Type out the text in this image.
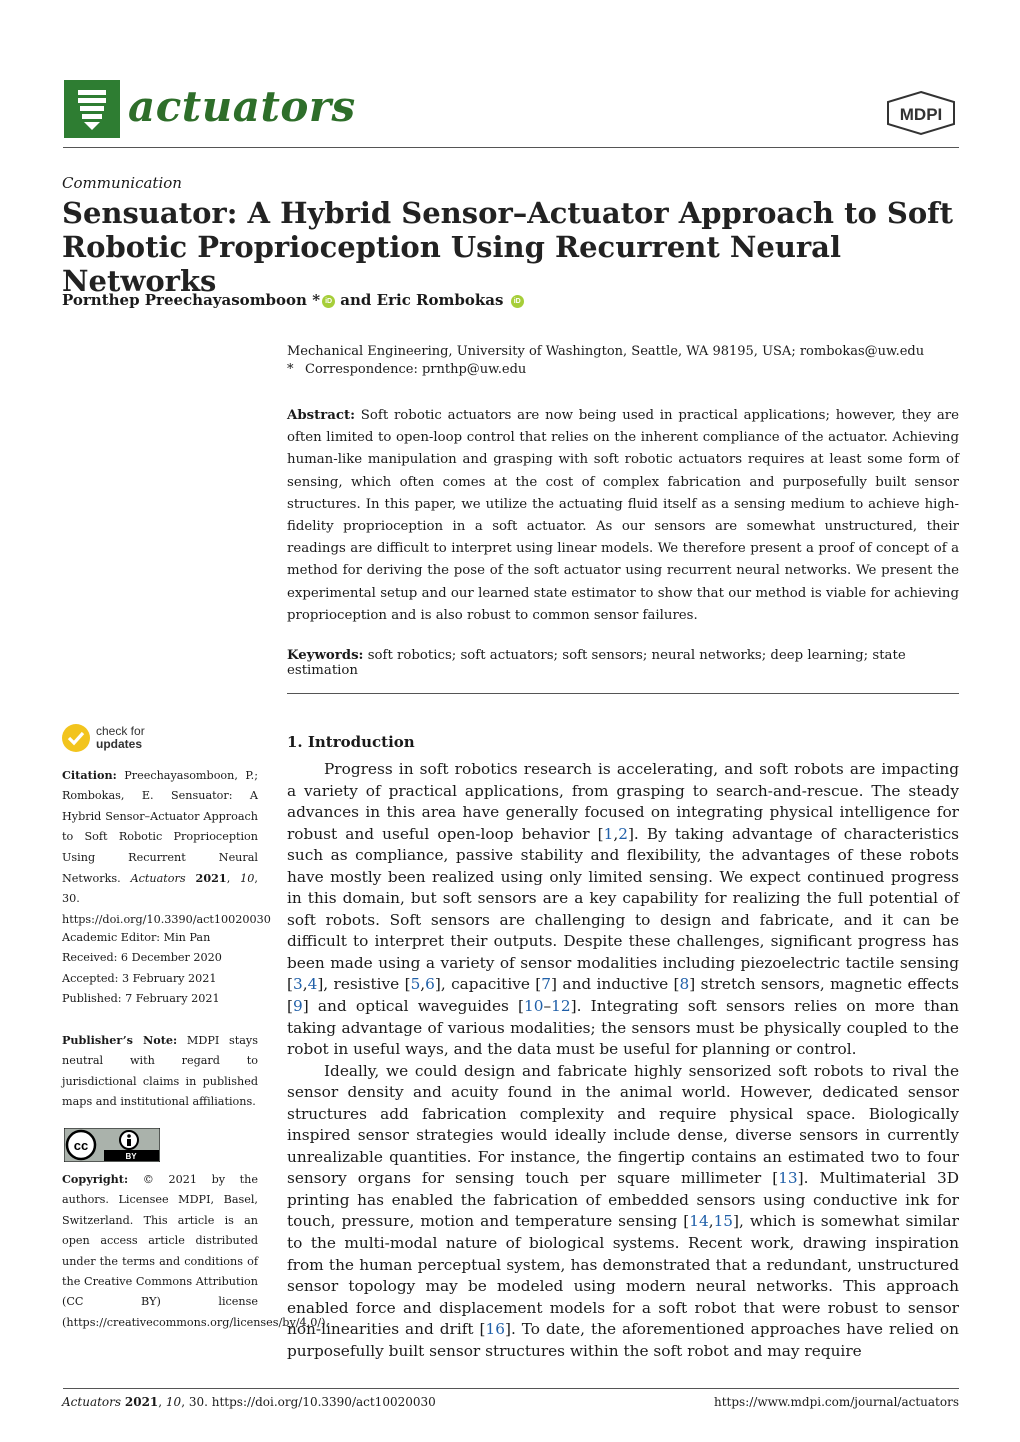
actuators	MDPI
Communication
Sensuator: A Hybrid Sensor–Actuator Approach to Soft Robotic Proprioception Using Recurrent Neural Networks
Pornthep Preechayasomboon * iD and Eric Rombokas iD
Mechanical Engineering, University of Washington, Seattle, WA 98195, USA; rombokas@uw.edu
* Correspondence: prnthp@uw.edu
Abstract: Soft robotic actuators are now being used in practical applications; however, they are often limited to open-loop control that relies on the inherent compliance of the actuator. Achieving human-like manipulation and grasping with soft robotic actuators requires at least some form of sensing, which often comes at the cost of complex fabrication and purposefully built sensor structures. In this paper, we utilize the actuating fluid itself as a sensing medium to achieve high-fidelity proprioception in a soft actuator. As our sensors are somewhat unstructured, their readings are difficult to interpret using linear models. We therefore present a proof of concept of a method for deriving the pose of the soft actuator using recurrent neural networks. We present the experimental setup and our learned state estimator to show that our method is viable for achieving proprioception and is also robust to common sensor failures.
Keywords: soft robotics; soft actuators; soft sensors; neural networks; deep learning; state estimation
check for
updates
Citation: Preechayasomboon, P.; Rombokas, E. Sensuator: A Hybrid Sensor–Actuator Approach to Soft Robotic Proprioception Using Recurrent Neural Networks. Actuators 2021, 10, 30. https://doi.org/10.3390/act10020030
Academic Editor: Min Pan
Received: 6 December 2020
Accepted: 3 February 2021
Published: 7 February 2021
Publisher’s Note: MDPI stays neutral with regard to jurisdictional claims in published maps and institutional affiliations.
cc
BY
Copyright: © 2021 by the authors. Licensee MDPI, Basel, Switzerland. This article is an open access article distributed under the terms and conditions of the Creative Commons Attribution (CC BY) license (https://creativecommons.org/licenses/by/4.0/).
1. Introduction

Progress in soft robotics research is accelerating, and soft robots are impacting a variety of practical applications, from grasping to search-and-rescue. The steady advances in this area have generally focused on integrating physical intelligence for robust and useful open-loop behavior [1,2]. By taking advantage of characteristics such as compliance, passive stability and flexibility, the advantages of these robots have mostly been realized using only limited sensing. We expect continued progress in this domain, but soft sensors are a key capability for realizing the full potential of soft robots. Soft sensors are challenging to design and fabricate, and it can be difficult to interpret their outputs. Despite these challenges, significant progress has been made using a variety of sensor modalities including piezoelectric tactile sensing [3,4], resistive [5,6], capacitive [7] and inductive [8] stretch sensors, magnetic effects [9] and optical waveguides [10–12]. Integrating soft sensors relies on more than taking advantage of various modalities; the sensors must be physically coupled to the robot in useful ways, and the data must be useful for planning or control.

Ideally, we could design and fabricate highly sensorized soft robots to rival the sensor density and acuity found in the animal world. However, dedicated sensor structures add fabrication complexity and require physical space. Biologically inspired sensor strategies would ideally include dense, diverse sensors in currently unrealizable quantities. For instance, the fingertip contains an estimated two to four sensory organs for sensing touch per square millimeter [13]. Multimaterial 3D printing has enabled the fabrication of embedded sensors using conductive ink for touch, pressure, motion and temperature sensing [14,15], which is somewhat similar to the multi-modal nature of biological systems. Recent work, drawing inspiration from the human perceptual system, has demonstrated that a redundant, unstructured sensor topology may be modeled using modern neural networks. This approach enabled force and displacement models for a soft robot that were robust to sensor non-linearities and drift [16]. To date, the aforementioned approaches have relied on purposefully built sensor structures within the soft robot and may require

Actuators 2021, 10, 30. https://doi.org/10.3390/act10020030	https://www.mdpi.com/journal/actuators
